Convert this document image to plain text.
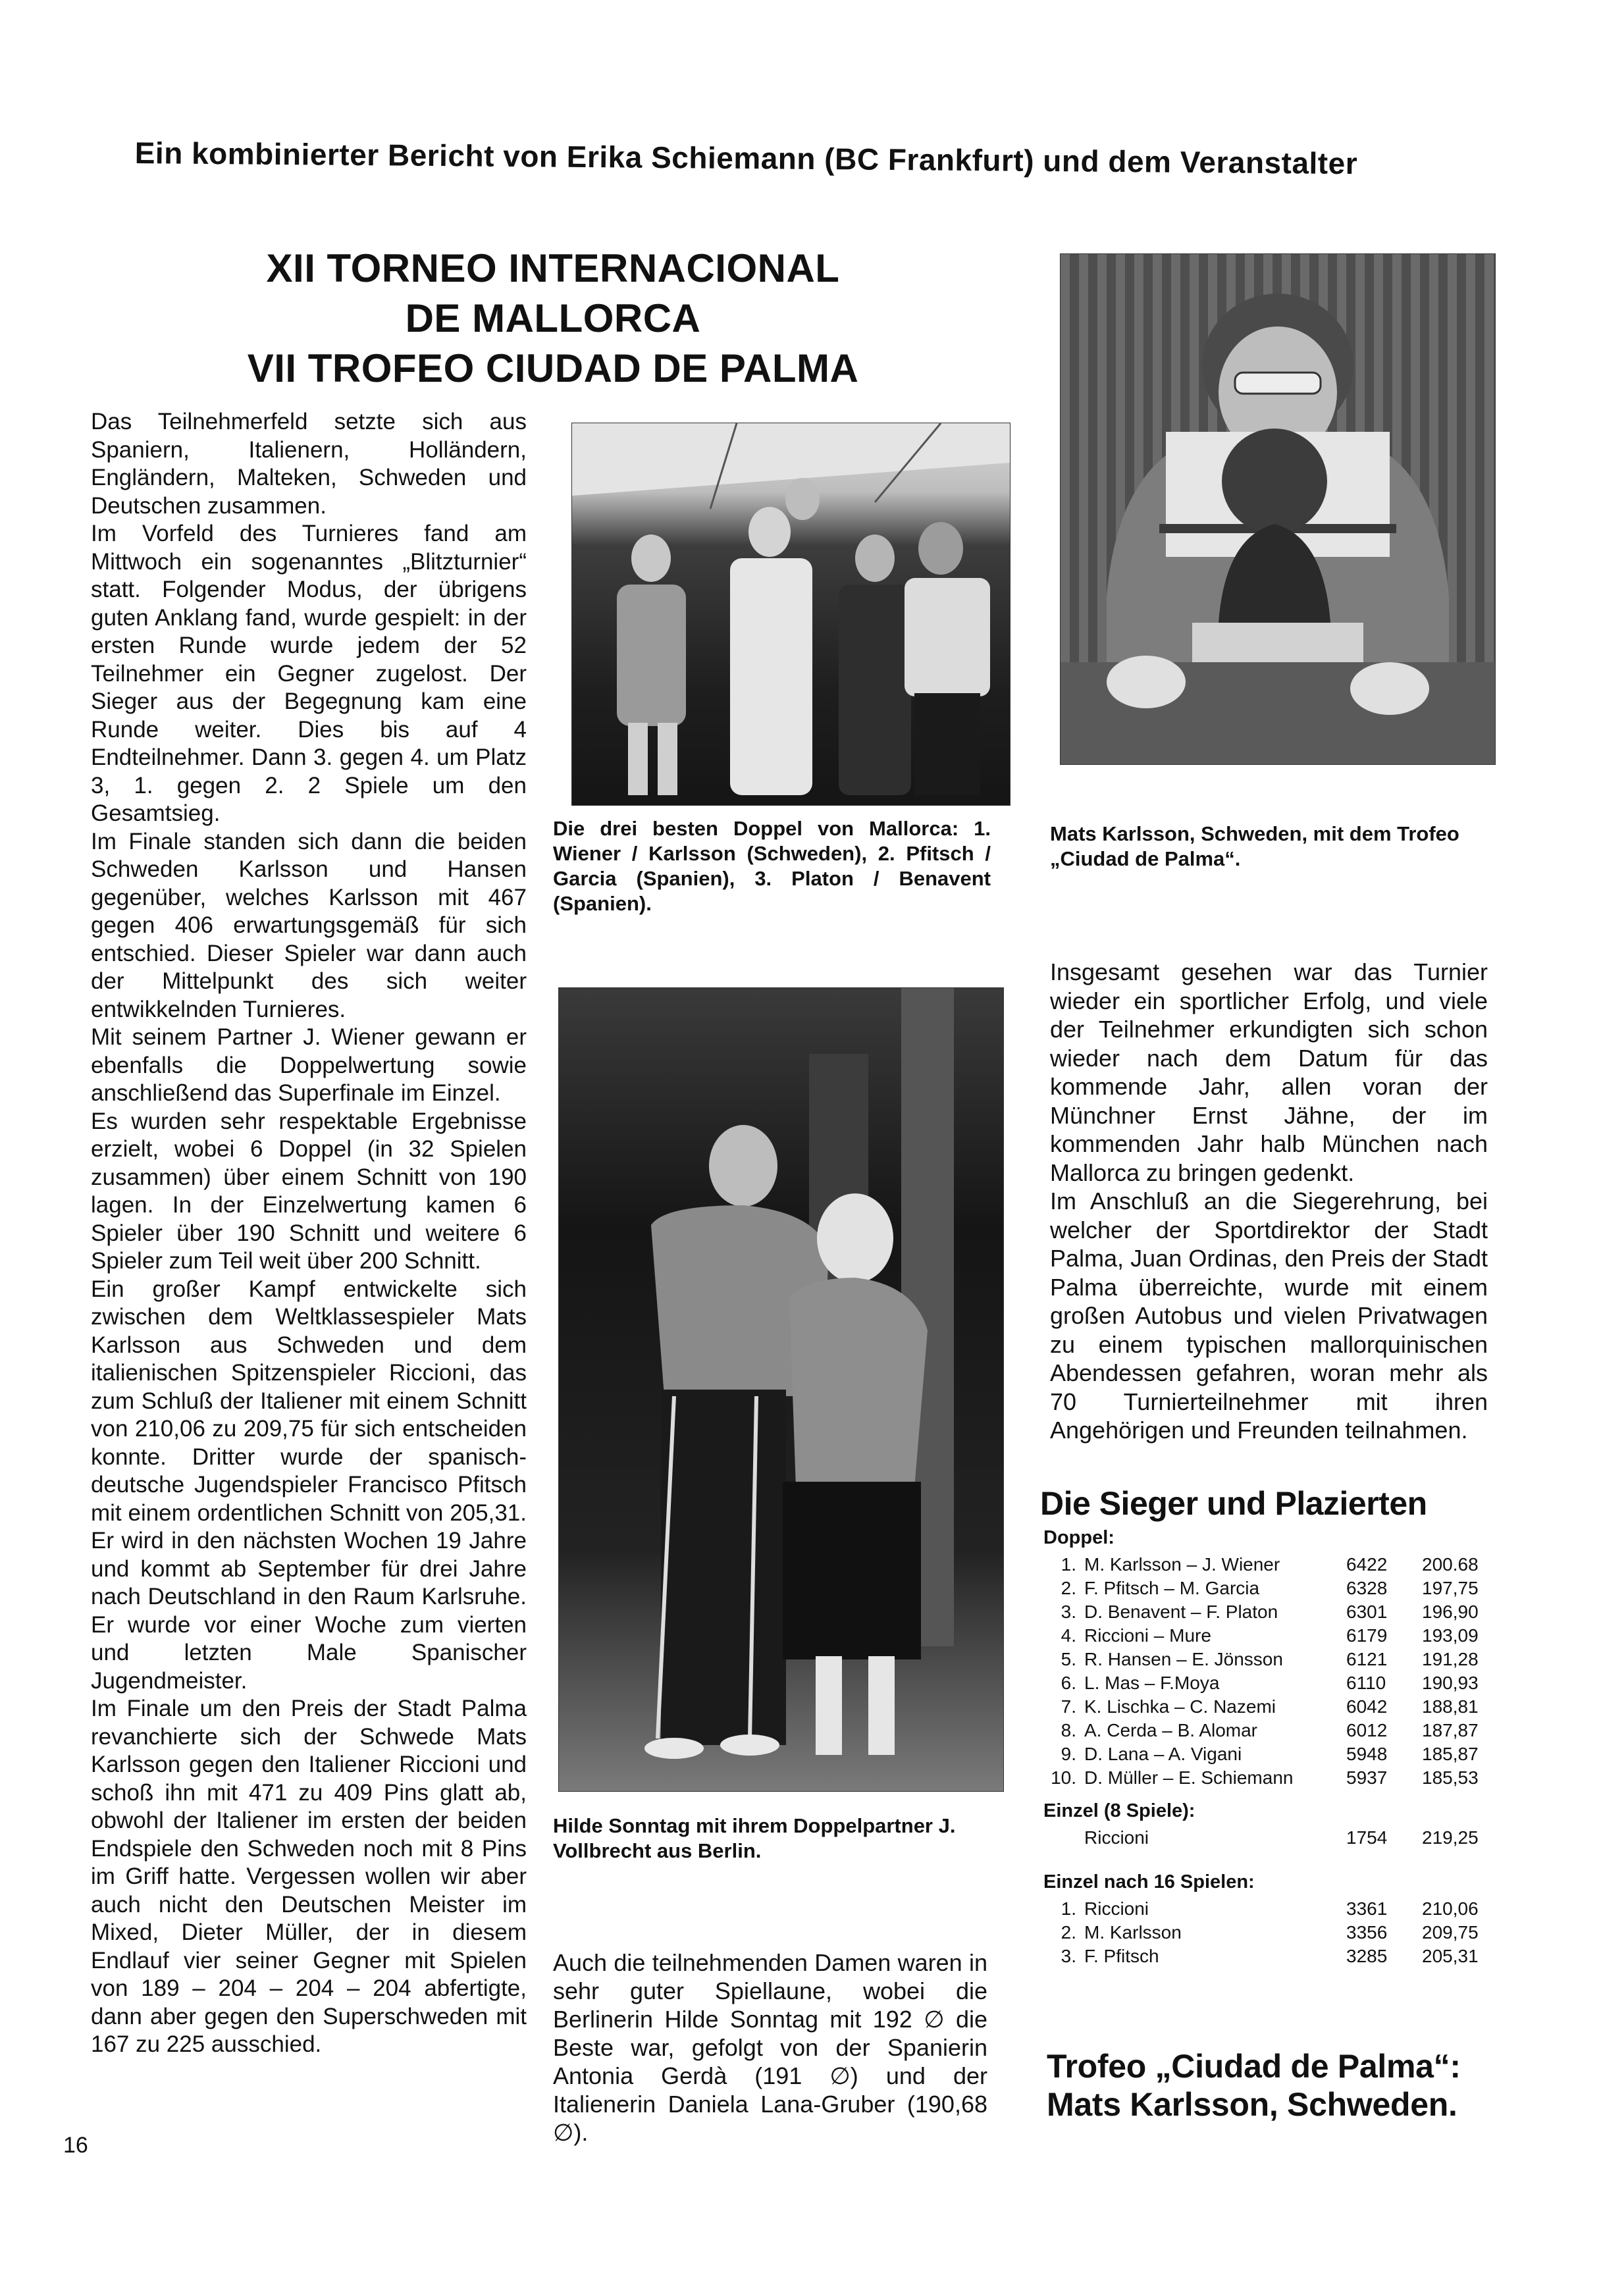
Ein kombinierter Bericht von Erika Schiemann (BC Frankfurt) und dem Veranstalter
XII TORNEO INTERNACIONAL
DE MALLORCA
VII TROFEO CIUDAD DE PALMA

Das Teilnehmerfeld setzte sich aus Spaniern, Italienern, Holländern, Engländern, Malteken, Schweden und Deutschen zusammen.

Im Vorfeld des Turnieres fand am Mittwoch ein sogenanntes „Blitzturnier“ statt. Folgender Modus, der übrigens guten Anklang fand, wurde gespielt: in der ersten Runde wurde jedem der 52 Teilnehmer ein Gegner zugelost. Der Sieger aus der Begegnung kam eine Runde weiter. Dies bis auf 4 Endteilnehmer. Dann 3. gegen 4. um Platz 3, 1. gegen 2. 2 Spiele um den Gesamtsieg.

Im Finale standen sich dann die beiden Schweden Karlsson und Hansen gegenüber, welches Karlsson mit 467 gegen 406 erwartungsgemäß für sich entschied. Dieser Spieler war dann auch der Mittelpunkt des sich weiter entwikkelnden Turnieres.

Mit seinem Partner J. Wiener gewann er ebenfalls die Doppelwertung sowie anschließend das Superfinale im Einzel.

Es wurden sehr respektable Ergebnisse erzielt, wobei 6 Doppel (in 32 Spielen zusammen) über einem Schnitt von 190 lagen. In der Einzelwertung kamen 6 Spieler über 190 Schnitt und weitere 6 Spieler zum Teil weit über 200 Schnitt.

Ein großer Kampf entwickelte sich zwischen dem Weltklassespieler Mats Karlsson aus Schweden und dem italienischen Spitzenspieler Riccioni, das zum Schluß der Italiener mit einem Schnitt von 210,06 zu 209,75 für sich entscheiden konnte. Dritter wurde der spanisch-deutsche Jugendspieler Francisco Pfitsch mit einem ordentlichen Schnitt von 205,31. Er wird in den nächsten Wochen 19 Jahre und kommt ab September für drei Jahre nach Deutschland in den Raum Karlsruhe. Er wurde vor einer Woche zum vierten und letzten Male Spanischer Jugendmeister.

Im Finale um den Preis der Stadt Palma revanchierte sich der Schwede Mats Karlsson gegen den Italiener Riccioni und schoß ihn mit 471 zu 409 Pins glatt ab, obwohl der Italiener im ersten der beiden Endspiele den Schweden noch mit 8 Pins im Griff hatte. Vergessen wollen wir aber auch nicht den Deutschen Meister im Mixed, Dieter Müller, der in diesem Endlauf vier seiner Gegner mit Spielen von 189 – 204 – 204 – 204 abfertigte, dann aber gegen den Superschweden mit 167 zu 225 ausschied.

Die drei besten Doppel von Mallorca: 1. Wiener / Karlsson (Schweden), 2. Pfitsch / Garcia (Spanien), 3. Platon / Benavent (Spanien).
Mats Karlsson, Schweden, mit dem Trofeo „Ciudad de Palma“.
Hilde Sonntag mit ihrem Doppelpartner J. Vollbrecht aus Berlin.

Auch die teilnehmenden Damen waren in sehr guter Spiellaune, wobei die Berlinerin Hilde Sonntag mit 192 ∅ die Beste war, gefolgt von der Spanierin Antonia Gerdà (191 ∅) und der Italienerin Daniela Lana-Gruber (190,68 ∅).

Insgesamt gesehen war das Turnier wieder ein sportlicher Erfolg, und viele der Teilnehmer erkundigten sich schon wieder nach dem Datum für das kommende Jahr, allen voran der Münchner Ernst Jähne, der im kommenden Jahr halb München nach Mallorca zu bringen gedenkt.

Im Anschluß an die Siegerehrung, bei welcher der Sportdirektor der Stadt Palma, Juan Ordinas, den Preis der Stadt Palma überreichte, wurde mit einem großen Autobus und vielen Privatwagen zu einem typischen mallorquinischen Abendessen gefahren, woran mehr als 70 Turnierteilnehmer mit ihren Angehörigen und Freunden teilnahmen.

Die Sieger und Plazierten
Doppel:
1. M. Karlsson – J. Wiener	6422	200.68
2. F. Pfitsch – M. Garcia	6328	197,75
3. D. Benavent – F. Platon	6301	196,90
4. Riccioni – Mure	6179	193,09
5. R. Hansen – E. Jönsson	6121	191,28
6. L. Mas – F.Moya	6110	190,93
7. K. Lischka – C. Nazemi	6042	188,81
8. A. Cerda – B. Alomar	6012	187,87
9. D. Lana – A. Vigani	5948	185,87
10. D. Müller – E. Schiemann	5937	185,53
Einzel (8 Spiele):
Riccioni	1754	219,25
Einzel nach 16 Spielen:
1. Riccioni	3361	210,06
2. M. Karlsson	3356	209,75
3. F. Pfitsch	3285	205,31
Trofeo „Ciudad de Palma“:
Mats Karlsson, Schweden.
16
